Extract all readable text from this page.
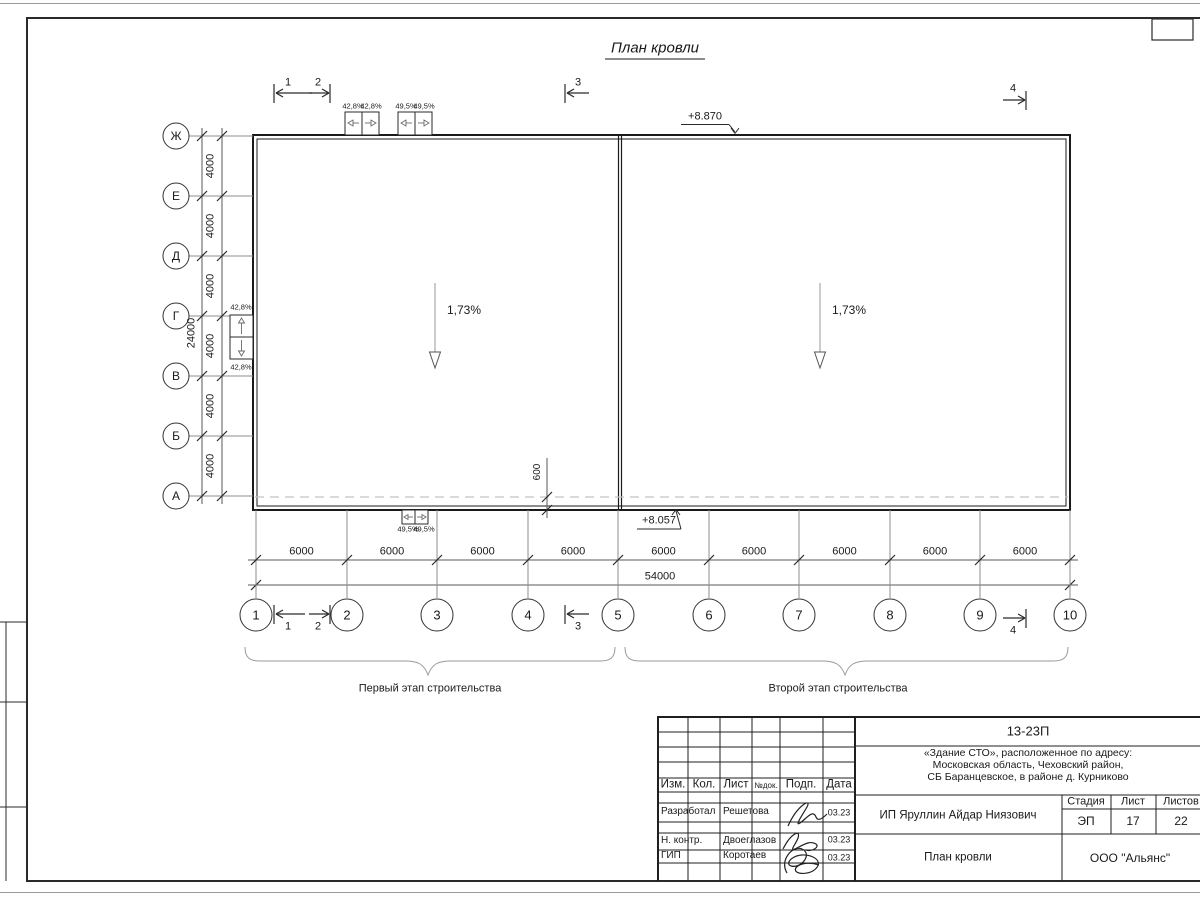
План кровли
1,73%	1,73%
+8.870
+8.057
600
42,8%
42,8% 49,5%
49,5%
49,5%
49,5%
42,8%
42,8%
1 2	3	4
1 2	3	4
24000
54000
Первый этап строительства	Второй этап строительства
Изм. Кол. Лист №док. Подп. Дата
Разработал Решетова	03.23
Н. контр. Двоеглазов	03.23
ГИП	Коротаев	03.23
13-23П
«Здание СТО», расположенное по адресу:
Московская область, Чеховский район,
СБ Баранцевское, в районе д. Курниково
ИП Яруллин Айдар Ниязович
План кровли
Стадия Лист Листов
ЭП	17	22
ООО "Альянс"
1
6000
2
6000
3
6000
4
6000
5
6000
6
6000
7
6000
8
6000
9
6000
10
Ж
4000
Е
4000
Д
4000
Г
4000
В
4000
Б
4000
А
